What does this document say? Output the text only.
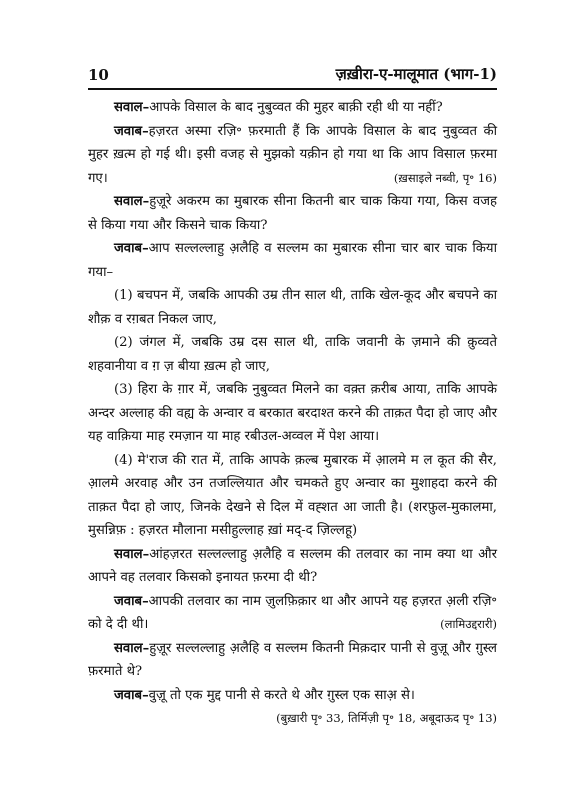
10	ज़ख़ीरा-ए-मालूमात (भाग-1)

सवाल–आपके विसाल के बाद नुबुव्वत की मुहर बाक़ी रही थी या नहीं?

जवाब–हज़रत अस्मा रज़ि॰ फ़रमाती हैं कि आपके विसाल के बाद नुबुव्वत की मुहर ख़त्म हो गई थी। इसी वजह से मुझको यक़ीन हो गया था कि आप विसाल फ़रमा गए।	(ख़साइले नब्वी, पृ॰ 16)

सवाल–हुज़ूरे अकरम का मुबारक सीना कितनी बार चाक किया गया, किस वजह से किया गया और किसने चाक किया?

जवाब–आप सल्लल्लाहु अ़लैहि व सल्लम का मुबारक सीना चार बार चाक किया गया–

(1) बचपन में, जबकि आपकी उम्र तीन साल थी, ताकि खेल-कूद और बचपने का शौक़ व रग़बत निकल जाए,

(2) जंगल में, जबकि उम्र दस साल थी, ताकि जवानी के ज़माने की क़ुव्वते शहवानीया व ग़ ज़ बीया ख़त्म हो जाए,

(3) हिरा के ग़ार में, जबकि नुबुव्वत मिलने का वक़्त क़रीब आया, ताकि आपके अन्दर अल्लाह की वह्य के अन्वार व बरकात बरदाश्त करने की ताक़त पैदा हो जाए और यह वाक़िया माह रमज़ान या माह रबीउल-अव्वल में पेश आया।

(4) मे'राज की रात में, ताकि आपके क़ल्ब मुबारक में आ़लमे म ल कूत की सैर, आ़लमे अरवाह और उन तजल्लियात और चमकते हुए अन्वार का मुशाहदा करने की ताक़त पैदा हो जाए, जिनके देखने से दिल में वह्शत आ जाती है। (शरफ़ुल-मुकालमा, मुसन्निफ़ : हज़रत मौलाना मसीहुल्लाह ख़ां मद्-द ज़िल्लहू)

सवाल–आंहज़रत सल्लल्लाहु अ़लैहि व सल्लम की तलवार का नाम क्या था और आपने वह तलवार किसको इनायत फ़रमा दी थी?

जवाब–आपकी तलवार का नाम ज़ुलफ़िक़ार था और आपने यह हज़रत अ़ली रज़ि॰ को दे दी थी।	(लामिउद्दरारी)

सवाल–हुज़ूर सल्लल्लाहु अ़लैहि व सल्लम कितनी मिक़दार पानी से वुज़ू और ग़ुस्ल फ़रमाते थे?

जवाब–वुज़ू तो एक मुद्द पानी से करते थे और ग़ुस्ल एक साअ़ से।

(बुख़ारी पृ॰ 33, तिर्मिज़ी पृ॰ 18, अबूदाऊद पृ॰ 13)
